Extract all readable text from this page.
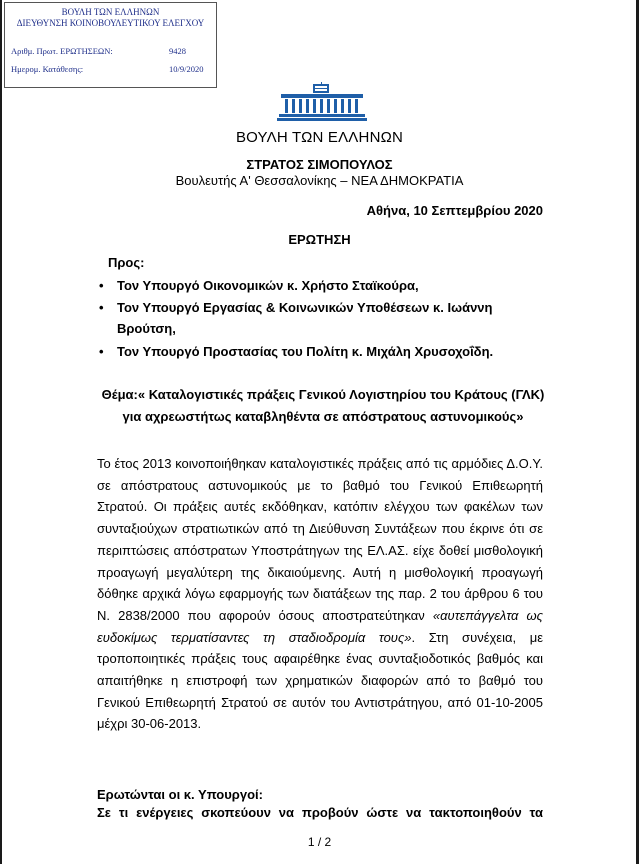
ΒΟΥΛΗ ΤΩΝ ΕΛΛΗΝΩΝ
ΔΙΕΥΘΥΝΣΗ ΚΟΙΝΟΒΟΥΛΕΥΤΙΚΟΥ ΕΛΕΓΧΟΥ
Αριθμ. Πρωτ. ΕΡΩΤΗΣΕΩΝ:	9428
Ημερομ. Κατάθεσης:	10/9/2020
ΒΟΥΛΗ ΤΩΝ ΕΛΛΗΝΩΝ
ΣΤΡΑΤΟΣ ΣΙΜΟΠΟΥΛΟΣ
Βουλευτής Α' Θεσσαλονίκης – ΝΕΑ ΔΗΜΟΚΡΑΤΙΑ
Αθήνα, 10 Σεπτεμβρίου 2020
ΕΡΩΤΗΣΗ
Προς:
• Τον Υπουργό Οικονομικών κ. Χρήστο Σταϊκούρα,
• Τον Υπουργό Εργασίας & Κοινωνικών Υποθέσεων κ. Ιωάννη Βρούτση,
• Τον Υπουργό Προστασίας του Πολίτη κ. Μιχάλη Χρυσοχοΐδη.
Θέμα:« Καταλογιστικές πράξεις Γενικού Λογιστηρίου του Κράτους (ΓΛΚ) για αχρεωστήτως καταβληθέντα σε απόστρατους αστυνομικούς»
Το έτος 2013 κοινοποιήθηκαν καταλογιστικές πράξεις από τις αρμόδιες Δ.Ο.Υ. σε απόστρατους αστυνομικούς με το βαθμό του Γενικού Επιθεωρητή Στρατού. Οι πράξεις αυτές εκδόθηκαν, κατόπιν ελέγχου των φακέλων των συνταξιούχων στρατιωτικών από τη Διεύθυνση Συντάξεων που έκρινε ότι σε περιπτώσεις απόστρατων Υποστράτηγων της ΕΛ.ΑΣ. είχε δοθεί μισθολογική προαγωγή μεγαλύτερη της δικαιούμενης. Αυτή η μισθολογική προαγωγή δόθηκε αρχικά λόγω εφαρμογής των διατάξεων της παρ. 2 του άρθρου 6 του Ν. 2838/2000 που αφορούν όσους αποστρατεύτηκαν «αυτεπάγγελτα ως ευδοκίμως τερματίσαντες τη σταδιοδρομία τους». Στη συνέχεια, με τροποποιητικές πράξεις τους αφαιρέθηκε ένας συνταξιοδοτικός βαθμός και απαιτήθηκε η επιστροφή των χρηματικών διαφορών από το βαθμό του Γενικού Επιθεωρητή Στρατού σε αυτόν του Αντιστράτηγου, από 01-10-2005 μέχρι 30-06-2013.
Ερωτώνται οι κ. Υπουργοί:
Σε τι ενέργειες σκοπεύουν να προβούν ώστε να τακτοποιηθούν τα
1 / 2
